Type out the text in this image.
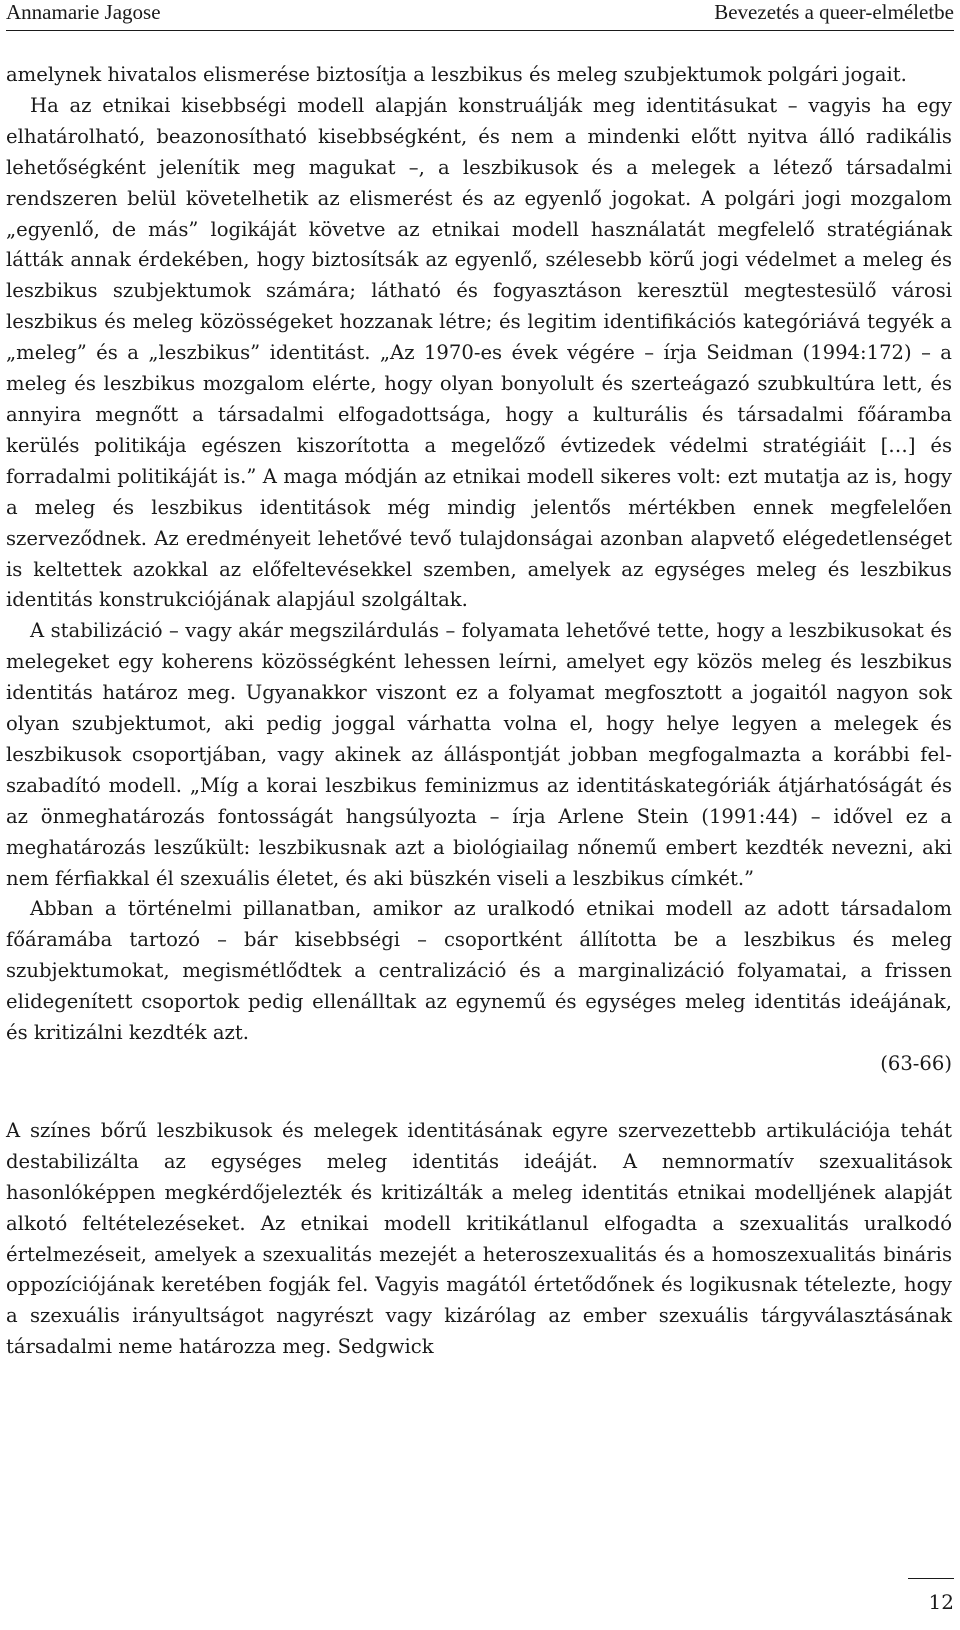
Annamarie Jagose	Bevezetés a queer-elméletbe

amelynek hivatalos elismerése biztosítja a leszbikus és meleg szubjektumok polgári jogait.

Ha az etnikai kisebbségi modell alapján konstruálják meg identitásukat – vagyis ha egy elhatárolható, beazonosítható kisebbségként, és nem a mindenki előtt nyitva álló radikális lehetőségként jelenítik meg magukat –, a leszbikusok és a melegek a létező társadalmi rendszeren belül követelhetik az elismerést és az egyenlő jogokat. A polgári jogi mozgalom „egyenlő, de más” logikáját követve az etnikai modell használatát megfelelő stratégiának látták annak érdekében, hogy biztosítsák az egyenlő, szélesebb körű jogi védelmet a meleg és leszbikus szubjektumok számára; látható és fogyasztáson keresztül megtestesülő városi leszbikus és meleg közösségeket hozzanak létre; és legitim identifikációs kategóriává tegyék a „meleg” és a „leszbikus” identitást. „Az 1970-es évek végére – írja Seidman (1994:172) – a meleg és leszbikus mozgalom elérte, hogy olyan bonyolult és szerteágazó szubkultúra lett, és annyira megnőtt a társadalmi elfogadottsága, hogy a kulturális és társadalmi főáramba kerülés politikája egészen kiszorította a megelőző évtizedek védelmi stratégiáit […] és forradalmi politikáját is.” A maga módján az etnikai modell sikeres volt: ezt mutatja az is, hogy a meleg és leszbikus identitások még mindig jelentős mértékben ennek megfelelően szerveződnek. Az eredményeit lehetővé tevő tulajdonságai azonban alapvető elégedetlenséget is keltettek azokkal az előfeltevésekkel szemben, amelyek az egységes meleg és leszbikus identitás konstrukciójának alapjául szolgáltak.

A stabilizáció – vagy akár megszilárdulás – folyamata lehetővé tette, hogy a leszbikusokat és melegeket egy koherens közösségként lehessen leírni, amelyet egy közös meleg és leszbikus identitás határoz meg. Ugyanakkor viszont ez a folyamat megfosztott a jogaitól nagyon sok olyan szubjektumot, aki pedig joggal várhatta volna el, hogy helye legyen a melegek és leszbikusok csoportjában, vagy akinek az álláspontját jobban megfogalmazta a korábbi felszabadító modell. „Míg a korai leszbikus feminizmus az identitáskategóriák átjárhatóságát és az önmeghatározás fontosságát hangsúlyozta – írja Arlene Stein (1991:44) – idővel ez a meghatározás leszűkült: leszbikusnak azt a biológiailag nőnemű embert kezdték nevezni, aki nem férfiakkal él szexuális életet, és aki büszkén viseli a leszbikus címkét.”

Abban a történelmi pillanatban, amikor az uralkodó etnikai modell az adott társadalom főáramába tartozó – bár kisebbségi – csoportként állította be a leszbikus és meleg szubjektumokat, megismétlődtek a centralizáció és a marginalizáció folyamatai, a frissen elidegenített csoportok pedig ellenálltak az egynemű és egységes meleg identitás ideájának, és kritizálni kezdték azt.

(63-66)

A színes bőrű leszbikusok és melegek identitásának egyre szervezettebb artikulációja tehát destabilizálta az egységes meleg identitás ideáját. A nemnormatív szexualitások hasonlóképpen megkérdőjelezték és kritizálták a meleg identitás etnikai modelljének alapját alkotó feltételezéseket. Az etnikai modell kritikátlanul elfogadta a szexualitás uralkodó értelmezéseit, amelyek a szexualitás mezejét a heteroszexualitás és a homoszexualitás bináris oppozíciójának keretében fogják fel. Vagyis magától értetődőnek és logikusnak tételezte, hogy a szexuális irányultságot nagyrészt vagy kizárólag az ember szexuális tárgyválasztásának társadalmi neme határozza meg. Sedgwick

12
